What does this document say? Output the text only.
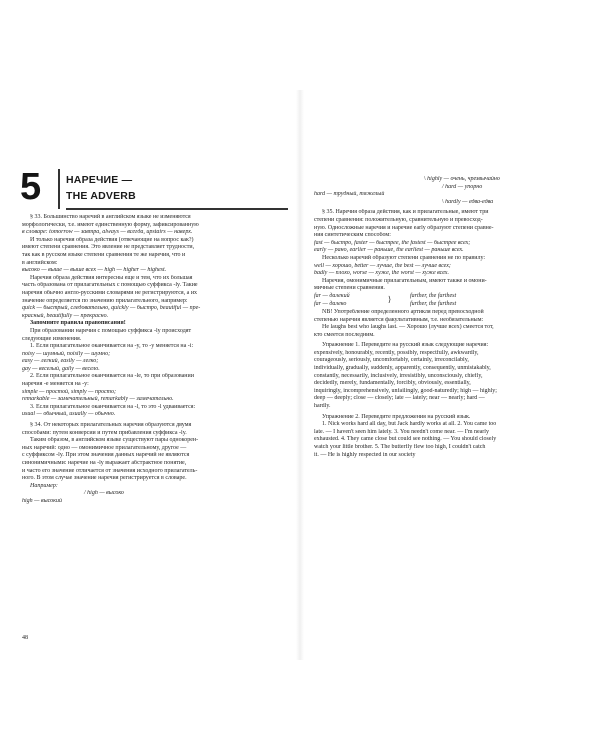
5	НАРЕЧИЕ —
THE ADVERB

§ 33. Большинство наречий в английском языке не изменяются

морфологически, т.е. имеют единственную форму, зафиксированную

в словаре: tomorrow — завтра, always — всегда, upstairs — наверх.

И только наречия образа действия (отвечающие на вопрос как?)

имеют степени сравнения. Это явление не представляет трудности,

так как в русском языке степени сравнения те же наречия, что и

в английском:

высоко — выше — выше всех — high — higher — highest.

Наречия образа действия интересны еще и тем, что их большая

часть образована от прилагательных с помощью суффикса -ly. Такие

наречия обычно англо-русскими словарями не регистрируются, а их

значение определяется по значению прилагательного, например:

quick — быстрый, следовательно, quickly — быстро, beautiful — пре-

красный, beautifully — прекрасно.

Запомните правила правописания!

При образовании наречия с помощью суффикса -ly происходят

следующие изменения.

1. Если прилагательное оканчивается на -y, то -y меняется на -i:

noisy — шумный, noisily — шумно;

easy — легкий, easily — легко;

gay — веселый, gaily — весело.

2. Если прилагательное оканчивается на -le, то при образовании

наречия -e меняется на -y:

simple — простой, simply — просто;

remarkable — замечательный, remarkably — замечательно.

3. Если прилагательное оканчивается на -l, то это -l удваивается:

usual — обычный, usually — обычно.

§ 34. От некоторых прилагательных наречия образуются двумя

способами: путем конверсии и путем прибавления суффикса -ly.

Таким образом, в английском языке существуют пары однокорен-

ных наречий: одно — омонимичное прилагательному, другое —

с суффиксом -ly. При этом значения данных наречий не являются

синонимичными: наречие на -ly выражает абстрактное понятие,

и часто его значение отличается от значения исходного прилагатель-

ного. В этом случае значение наречия регистрируется в словаре.

Например:

/ high — высоко

high — высокий

48

\ highly — очень, чрезвычайно

/ hard — упорно

hard — трудный, тяжелый

\ hardly — едва-едва

§ 35. Наречия образа действия, как и прилагательные, имеют три

степени сравнения: положительную, сравнительную и превосход-

ную. Односложные наречия и наречие early образуют степени сравне-

ния синтетическим способом:

fast — быстро, faster — быстрее, the fastest — быстрее всех;

early — рано, earlier — раньше, the earliest — раньше всех.

Несколько наречий образуют степени сравнения не по правилу:

well — хорошо, better — лучше, the best — лучше всех;

badly — плохо, worse — хуже, the worst — хуже всех.

Наречия, омонимичные прилагательным, имеют также и омони-

мичные степени сравнения.

far — далекий
far — далеко
farther, the farthest
further, the furthest
⟩

NB! Употребление определенного артикля перед превосходной

степенью наречия является факультативным, т.е. необязательным:

He laughs best who laughs last. — Хорошо (лучше всех) смеется тот,

кто смеется последним.

Упражнение 1. Переведите на русский язык следующие наречия:

expensively, honourably, recently, possibly, respectfully, awkwardly,

courageously, seriously, uncomfortably, certainly, irreconcilably,

individually, gradually, suddenly, apparently, consequently, unmistakably,

constantly, necessarily, inclusively, irresistibly, unconsciously, chiefly,

decidedly, merely, fundamentally, forcibly, obviously, essentially,

inquiringly, incomprehensively, unfailingly, good-naturedly; high — highly;

deep — deeply; close — closely; late — lately; near — nearly; hard —

hardly.

Упражнение 2. Переведите предложения на русский язык.

1. Nick works hard all day, but Jack hardly works at all. 2. You came too

late. — I haven't seen him lately. 3. You needn't come near. — I'm nearly

exhausted. 4. They came close but could see nothing. — You should closely

watch your little brother. 5. The butterfly flew too high, I couldn't catch

it. — He is highly respected in our society
